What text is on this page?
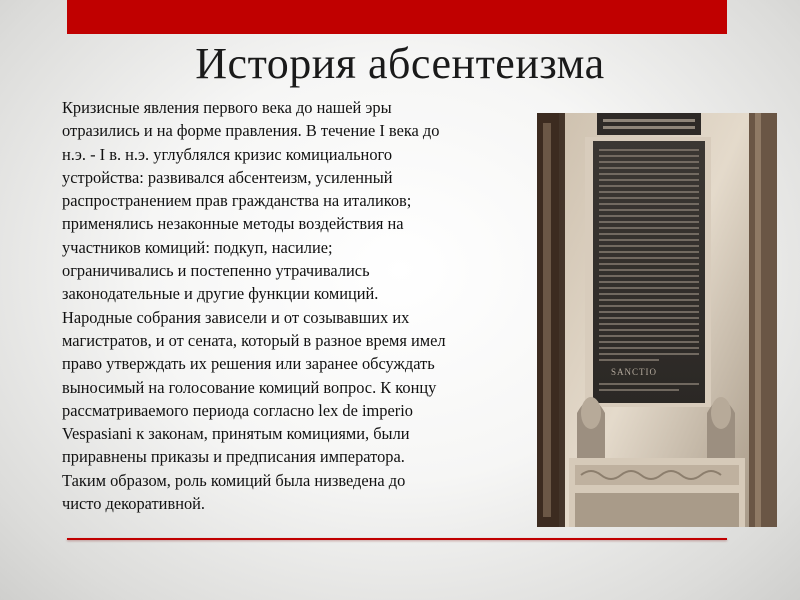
История абсентеизма
Кризисные явления первого века до нашей эры
отразились и на форме правления. В течение I века до
н.э. - I в. н.э. углублялся кризис комициального
устройства: развивался абсентеизм, усиленный
распространением прав гражданства на италиков;
применялись незаконные методы воздействия на
участников комиций: подкуп, насилие;
ограничивались и постепенно утрачивались
законодательные и другие функции комиций.
Народные собрания зависели и от созывавших их
магистратов, и от сената, который в разное время имел
право утверждать их решения или заранее обсуждать
выносимый на голосование комиций вопрос. К концу
рассматриваемого периода согласно lex de imperio
Vespasiani к законам, принятым комициями, были
приравнены приказы и предписания императора.
Таким образом, роль комиций была низведена до
чисто декоративной.
SANCTIO
